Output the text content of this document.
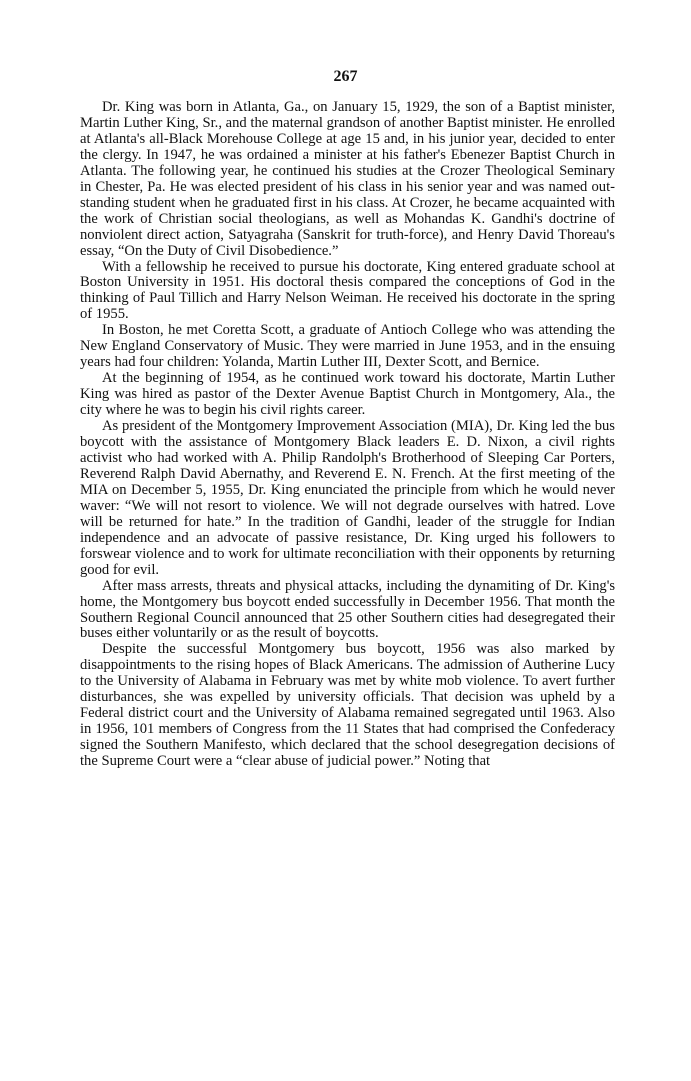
267

Dr. King was born in Atlanta, Ga., on January 15, 1929, the son of a Baptist minister, Martin Luther King, Sr., and the maternal grandson of another Baptist minister. He enrolled at Atlanta's all-Black Morehouse College at age 15 and, in his junior year, decided to enter the clergy. In 1947, he was ordained a minister at his father's Ebenezer Baptist Church in Atlanta. The following year, he continued his studies at the Crozer Theological Seminary in Chester, Pa. He was elected president of his class in his senior year and was named outstanding student when he graduated first in his class. At Crozer, he became acquainted with the work of Christian social theologians, as well as Mohandas K. Gandhi's doctrine of nonviolent direct action, Satyagraha (Sanskrit for truth-force), and Henry David Thoreau's essay, “On the Duty of Civil Disobedience.”

With a fellowship he received to pursue his doctorate, King entered graduate school at Boston University in 1951. His doctoral thesis compared the conceptions of God in the thinking of Paul Tillich and Harry Nelson Weiman. He received his doctorate in the spring of 1955.

In Boston, he met Coretta Scott, a graduate of Antioch College who was attending the New England Conservatory of Music. They were married in June 1953, and in the ensuing years had four children: Yolanda, Martin Luther III, Dexter Scott, and Bernice.

At the beginning of 1954, as he continued work toward his doctorate, Martin Luther King was hired as pastor of the Dexter Avenue Baptist Church in Montgomery, Ala., the city where he was to begin his civil rights career.

As president of the Montgomery Improvement Association (MIA), Dr. King led the bus boycott with the assistance of Montgomery Black leaders E. D. Nixon, a civil rights activist who had worked with A. Philip Randolph's Brotherhood of Sleeping Car Porters, Reverend Ralph David Abernathy, and Reverend E. N. French. At the first meeting of the MIA on December 5, 1955, Dr. King enunciated the principle from which he would never waver: “We will not resort to violence. We will not degrade ourselves with hatred. Love will be returned for hate.” In the tradition of Gandhi, leader of the struggle for Indian independence and an advocate of passive resistance, Dr. King urged his followers to forswear violence and to work for ultimate reconciliation with their opponents by returning good for evil.

After mass arrests, threats and physical attacks, including the dynamiting of Dr. King's home, the Montgomery bus boycott ended successfully in December 1956. That month the Southern Regional Council announced that 25 other Southern cities had desegregated their buses either voluntarily or as the result of boycotts.

Despite the successful Montgomery bus boycott, 1956 was also marked by disappointments to the rising hopes of Black Americans. The admission of Autherine Lucy to the University of Alabama in February was met by white mob violence. To avert further disturbances, she was expelled by university officials. That decision was upheld by a Federal district court and the University of Alabama remained segregated until 1963. Also in 1956, 101 members of Congress from the 11 States that had comprised the Confederacy signed the Southern Manifesto, which declared that the school desegregation decisions of the Supreme Court were a “clear abuse of judicial power.” Noting that
